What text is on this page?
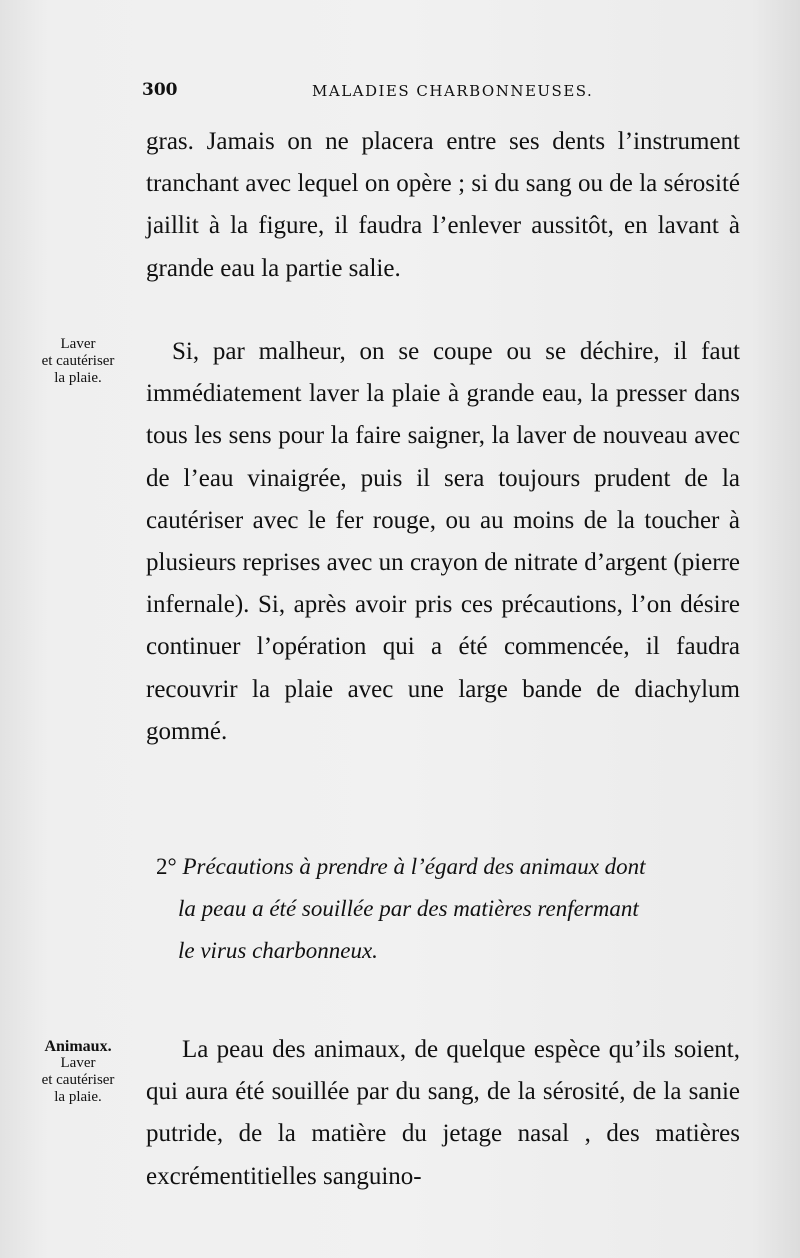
300	MALADIES CHARBONNEUSES.

gras. Jamais on ne placera entre ses dents l’instrument tranchant avec lequel on opère ; si du sang ou de la sérosité jaillit à la figure, il faudra l’enlever aussitôt, en lavant à grande eau la partie salie.

Laver
et cautériser
la plaie.

Si, par malheur, on se coupe ou se déchire, il faut immédiatement laver la plaie à grande eau, la presser dans tous les sens pour la faire saigner, la laver de nouveau avec de l’eau vinaigrée, puis il sera toujours prudent de la cautériser avec le fer rouge, ou au moins de la toucher à plusieurs reprises avec un crayon de nitrate d’argent (pierre infernale). Si, après avoir pris ces précautions, l’on désire continuer l’opération qui a été commencée, il faudra recouvrir la plaie avec une large bande de diachylum gommé.

2° Précautions à prendre à l’égard des animaux dont
la peau a été souillée par des matières renfermant
le virus charbonneux.

Animaux.
Laver
et cautériser
la plaie.

La peau des animaux, de quelque espèce qu’ils soient, qui aura été souillée par du sang, de la sérosité, de la sanie putride, de la matière du jetage nasal , des matières excrémentitielles sanguino-
